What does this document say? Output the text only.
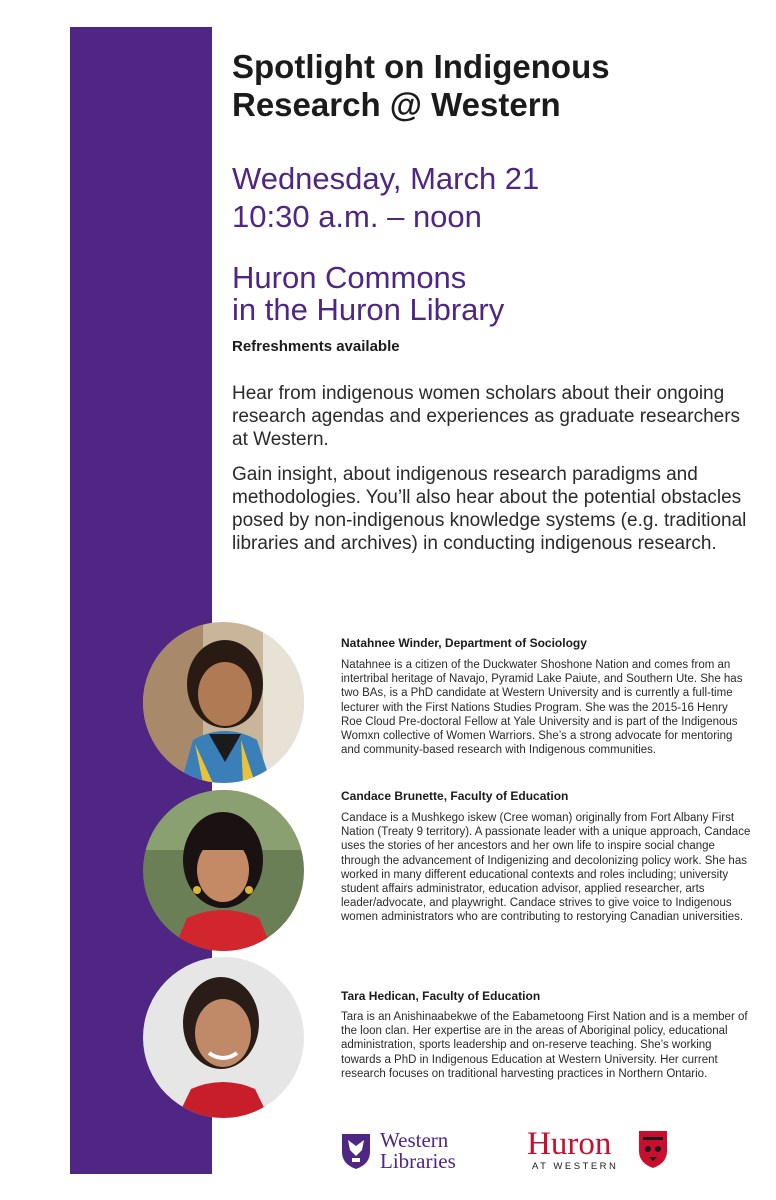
Spotlight on Indigenous
Research @ Western

Wednesday, March 21

10:30 a.m. – noon

Huron Commons

in the Huron Library

Refreshments available

Hear from indigenous women scholars about their ongoing research agendas and experiences as graduate researchers at Western.

Gain insight, about indigenous research paradigms and methodologies. You’ll also hear about the potential obstacles posed by non-indigenous knowledge systems (e.g. traditional libraries and archives) in conducting indigenous research.

Natahnee Winder, Department of Sociology

Natahnee is a citizen of the Duckwater Shoshone Nation and comes from an intertribal heritage of Navajo, Pyramid Lake Paiute, and Southern Ute. She has two BAs, is a PhD candidate at Western University and is currently a full-time lecturer with the First Nations Studies Program. She was the 2015-16 Henry Roe Cloud Pre-doctoral Fellow at Yale University and is part of the Indigenous Womxn collective of Women Warriors. She’s a strong advocate for mentoring and community-based research with Indigenous communities.

Candace Brunette, Faculty of Education

Candace is a Mushkego iskew (Cree woman) originally from Fort Albany First Nation (Treaty 9 territory). A passionate leader with a unique approach, Candace uses the stories of her ancestors and her own life to inspire social change through the advancement of Indigenizing and decolonizing policy work. She has worked in many different educational contexts and roles including; university student affairs administrator, education advisor, applied researcher, arts leader/advocate, and playwright. Candace strives to give voice to Indigenous women administrators who are contributing to restorying Canadian universities.

Tara Hedican, Faculty of Education

Tara is an Anishinaabekwe of the Eabametoong First Nation and is a member of the loon clan. Her expertise are in the areas of Aboriginal policy, educational administration, sports leadership and on-reserve teaching. She’s working towards a PhD in Indigenous Education at Western University. Her current research focuses on traditional harvesting practices in Northern Ontario.

Western
Libraries Huron

AT WESTERN
